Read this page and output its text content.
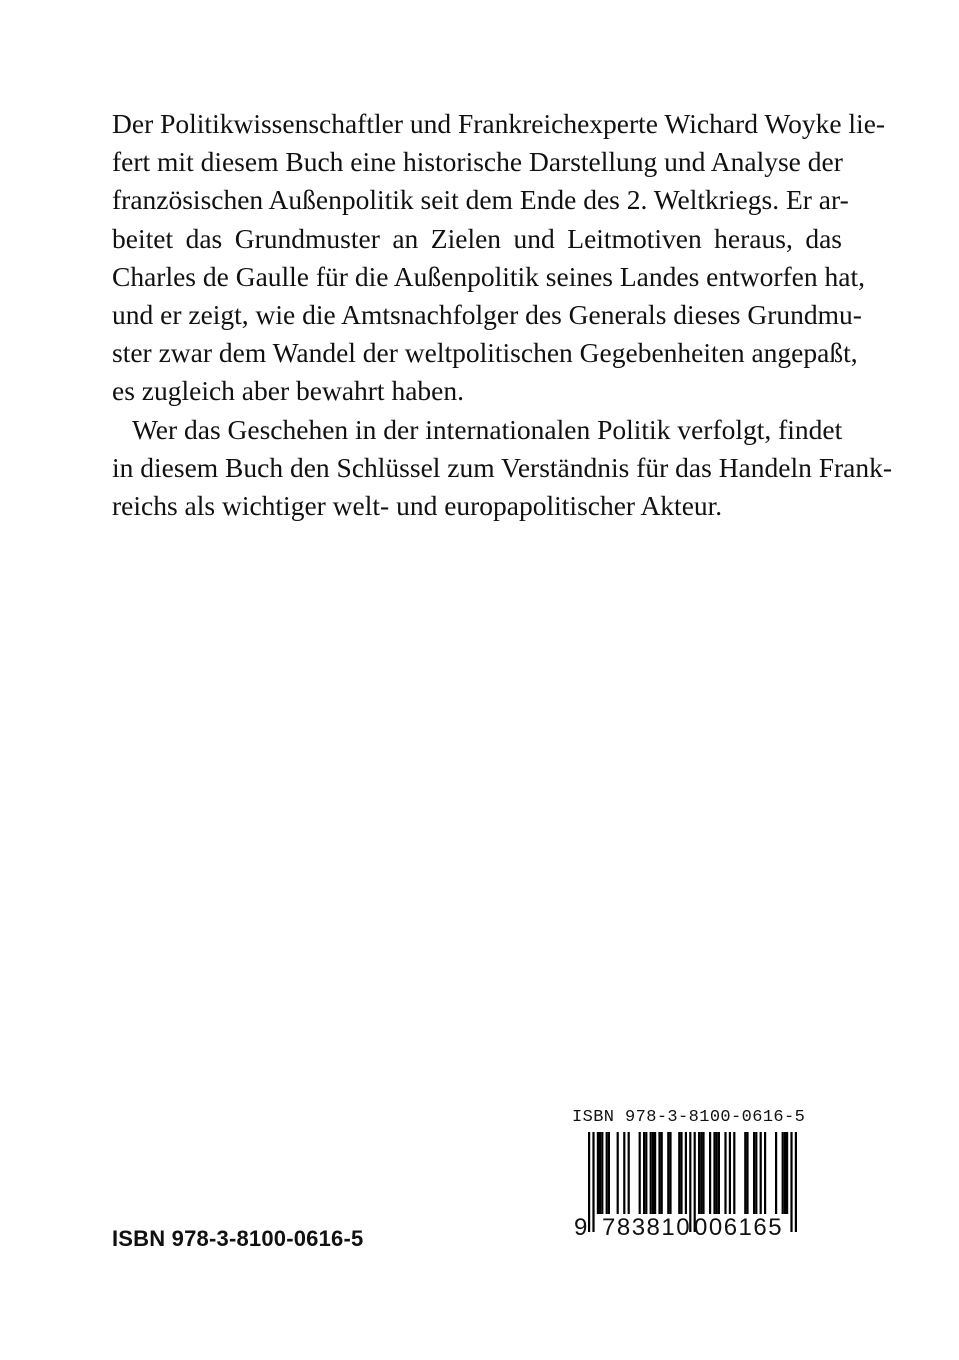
Der Politikwissenschaftler und Frankreichexperte Wichard Woyke lie-
fert mit diesem Buch eine historische Darstellung und Analyse der
französischen Außenpolitik seit dem Ende des 2. Weltkriegs. Er ar-
beitet das Grundmuster an Zielen und Leitmotiven heraus, das
Charles de Gaulle für die Außenpolitik seines Landes entworfen hat,
und er zeigt, wie die Amtsnachfolger des Generals dieses Grundmu-
ster zwar dem Wandel der weltpolitischen Gegebenheiten angepaßt,
es zugleich aber bewahrt haben.
Wer das Geschehen in der internationalen Politik verfolgt, findet
in diesem Buch den Schlüssel zum Verständnis für das Handeln Frank-
reichs als wichtiger welt- und europapolitischer Akteur.
ISBN 978-3-8100-0616-5
9 783810 006165
ISBN 978-3-8100-0616-5
